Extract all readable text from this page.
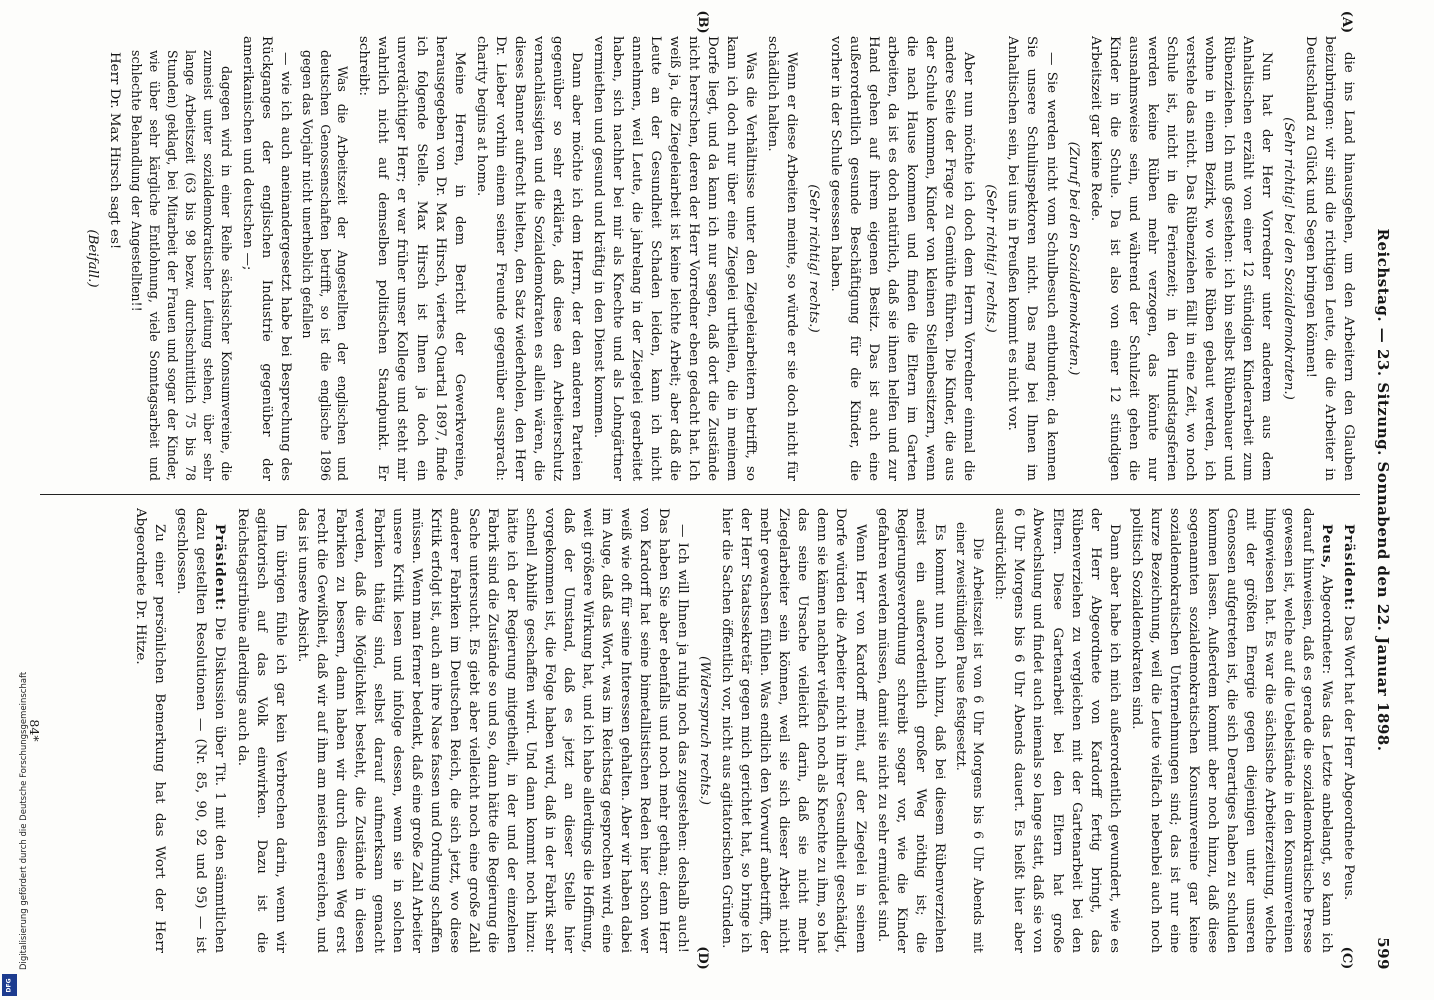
Reichstag. — 23. Sitzung. Sonnabend den 22. Januar 1898.
599
(A)
(B)
(C)
(D)

die ins Land hinausgehen, um den Arbeitern den Glauben beizubringen: wir sind die richtigen Leute, die die Arbeiter in Deutschland zu Glück und Segen bringen können!

(Sehr richtig! bei den Sozialdemokraten.)

Nun hat der Herr Vorredner unter anderem aus dem Anhaltischen erzählt von einer 12 stündigen Kinderarbeit zum Rübenziehen. Ich muß gestehen: ich bin selbst Rübenbauer und wohne in einem Bezirk, wo viele Rüben gebaut werden, ich verstehe das nicht. Das Rübenziehen fällt in eine Zeit, wo noch Schule ist, nicht in die Ferienzeit; in den Hundstagsferien werden keine Rüben mehr verzogen, das könnte nur ausnahmsweise sein, und während der Schulzeit gehen die Kinder in die Schule. Da ist also von einer 12 stündigen Arbeitszeit gar keine Rede.

(Zuruf bei den Sozialdemokraten.)

— Sie werden nicht vom Schulbesuch entbunden; da kennen Sie unsere Schulinspektoren nicht. Das mag bei Ihnen im Anhaltischen sein, bei uns in Preußen kommt es nicht vor.

(Sehr richtig! rechts.)

Aber nun möchte ich doch dem Herrn Vorredner einmal die andere Seite der Frage zu Gemüthe führen. Die Kinder, die aus der Schule kommen, Kinder von kleinen Stellenbesitzern, wenn die nach Hause kommen und finden die Eltern im Garten arbeiten, da ist es doch natürlich, daß sie ihnen helfen und zur Hand gehen auf ihrem eigenen Besitz. Das ist auch eine außerordentlich gesunde Beschäftigung für die Kinder, die vorher in der Schule gesessen haben.

(Sehr richtig! rechts.)

Wenn er diese Arbeiten meinte, so würde er sie doch nicht für schädlich halten.

Was die Verhältnisse unter den Ziegeleiarbeitern betrifft, so kann ich doch nur über eine Ziegelei urtheilen, die in meinem Dorfe liegt, und da kann ich nur sagen, daß dort die Zustände nicht herrschen, deren der Herr Vorredner eben gedacht hat. Ich weiß ja, die Ziegeleiarbeit ist keine leichte Arbeit; aber daß die Leute an der Gesundheit Schaden leiden, kann ich nicht annehmen, weil Leute, die jahrelang in der Ziegelei gearbeitet haben, sich nachher bei mir als Knechte und als Lohngärtner vermiethen und gesund und kräftig in den Dienst kommen.

Dann aber möchte ich dem Herrn, der den anderen Parteien gegenüber so sehr erklärte, daß diese den Arbeiterschutz vernachlässigten und die Sozialdemokraten es allein wären, die dieses Banner aufrecht hielten, den Satz wiederholen, den Herr Dr. Lieber vorhin einem seiner Freunde gegenüber aussprach: charity begins at home.

Meine Herren, in dem Bericht der Gewerkvereine, herausgegeben von Dr. Max Hirsch, viertes Quartal 1897, finde ich folgende Stelle. Max Hirsch ist Ihnen ja doch ein unverdächtiger Herr; er war früher unser Kollege und steht mir wahrlich nicht auf demselben politischen Standpunkt. Er schreibt:

Was die Arbeitszeit der Angestellten der englischen und deutschen Genossenschaften betrifft, so ist die englische 1896 gegen das Vorjahr nicht unerheblich gefallen

— wie ich auch aneinandergesetzt habe bei Besprechung des Rückganges der englischen Industrie gegenüber der amerikanischen und deutschen —;

dagegen wird in einer Reihe sächsischer Konsumvereine, die zumeist unter sozialdemokratischer Leitung stehen, über sehr lange Arbeitszeit (63 bis 98 bezw. durchschnittlich 75 bis 78 Stunden) geklagt, bei Mitarbeit der Frauen und sogar der Kinder, wie über sehr kärgliche Entlohnung, viele Sonntagsarbeit und schlechte Behandlung der Angestellten!!

Herr Dr. Max Hirsch sagt es!

(Beifall.)

Präsident: Das Wort hat der Herr Abgeordnete Peus.

Peus, Abgeordneter: Was das Letzte anbelangt, so kann ich darauf hinweisen, daß es gerade die sozialdemokratische Presse gewesen ist, welche auf die Uebelstände in den Konsumvereinen hingewiesen hat. Es war die sächsische Arbeiterzeitung, welche mit der größten Energie gegen diejenigen unter unseren Genossen aufgetreten ist, die sich Derartiges haben zu schulden kommen lassen. Außerdem kommt aber noch hinzu, daß diese sogenannten sozialdemokratischen Konsumvereine gar keine sozialdemokratischen Unternehmungen sind; das ist nur eine kurze Bezeichnung, weil die Leute vielfach nebenbei auch noch politisch Sozialdemokraten sind.

Dann aber habe ich mich außerordentlich gewundert, wie es der Herr Abgeordnete von Kardorff fertig bringt, das Rübenverziehen zu vergleichen mit der Gartenarbeit bei den Eltern. Diese Gartenarbeit bei den Eltern hat große Abwechslung und findet auch niemals so lange statt, daß sie von 6 Uhr Morgens bis 6 Uhr Abends dauert. Es heißt hier aber ausdrücklich:

Die Arbeitszeit ist von 6 Uhr Morgens bis 6 Uhr Abends mit einer zweistündigen Pause festgesetzt.

Es kommt nun noch hinzu, daß bei diesem Rübenverziehen meist ein außerordentlich großer Weg nöthig ist; die Regierungsverordnung schreibt sogar vor, wie die Kinder gefahren werden müssen, damit sie nicht zu sehr ermüdet sind.

Wenn Herr von Kardorff meint, auf der Ziegelei in seinem Dorfe würden die Arbeiter nicht in ihrer Gesundheit geschädigt, denn sie kämen nachher vielfach noch als Knechte zu ihm, so hat das seine Ursache vielleicht darin, daß sie nicht mehr Ziegelarbeiter sein können, weil sie sich dieser Arbeit nicht mehr gewachsen fühlen. Was endlich den Vorwurf anbetrifft, der der Herr Staatssekretär gegen mich gerichtet hat, so bringe ich hier die Sachen öffentlich vor, nicht aus agitatorischen Gründen.

(Widerspruch rechts.)

— Ich will Ihnen ja ruhig noch das zugestehen: deshalb auch! Das haben Sie aber ebenfalls und noch mehr gethan; denn Herr von Kardorff hat seine bimetallistischen Reden hier schon wer weiß wie oft für seine Interessen gehalten. Aber wir haben dabei im Auge, daß das Wort, was im Reichstag gesprochen wird, eine weit größere Wirkung hat, und ich habe allerdings die Hoffnung, daß der Umstand, daß es jetzt an dieser Stelle hier vorgekommen ist, die Folge haben wird, daß in der Fabrik sehr schnell Abhilfe geschaffen wird. Und dann kommt noch hinzu: hätte ich der Regierung mitgetheilt, in der und der einzelnen Fabrik sind die Zustände so und so, dann hätte die Regierung die Sache untersucht. Es giebt aber vielleicht noch eine große Zahl anderer Fabriken im Deutschen Reich, die sich jetzt, wo diese Kritik erfolgt ist, auch an ihre Nase fassen und Ordnung schaffen müssen. Wenn man ferner bedenkt, daß eine große Zahl Arbeiter unsere Kritik lesen und infolge dessen, wenn sie in solchen Fabriken thätig sind, selbst darauf aufmerksam gemacht werden, daß die Möglichkeit besteht, die Zustände in diesen Fabriken zu bessern, dann haben wir durch diesen Weg erst recht die Gewißheit, daß wir auf ihm am meisten erreichen, und das ist unsere Absicht.

Im übrigen fühle ich gar kein Verbrechen darin, wenn wir agitatorisch auf das Volk einwirken. Dazu ist die Reichstagstribüne allerdings auch da.

Präsident: Die Diskussion über Tit. 1 mit den sämmtlichen dazu gestellten Resolutionen — (Nr. 85, 90, 92 und 95) — ist geschlossen.

Zu einer persönlichen Bemerkung hat das Wort der Herr Abgeordnete Dr. Hitze.

84*
Digitalisierung gefördert durch die Deutsche Forschungsgemeinschaft
DFG
